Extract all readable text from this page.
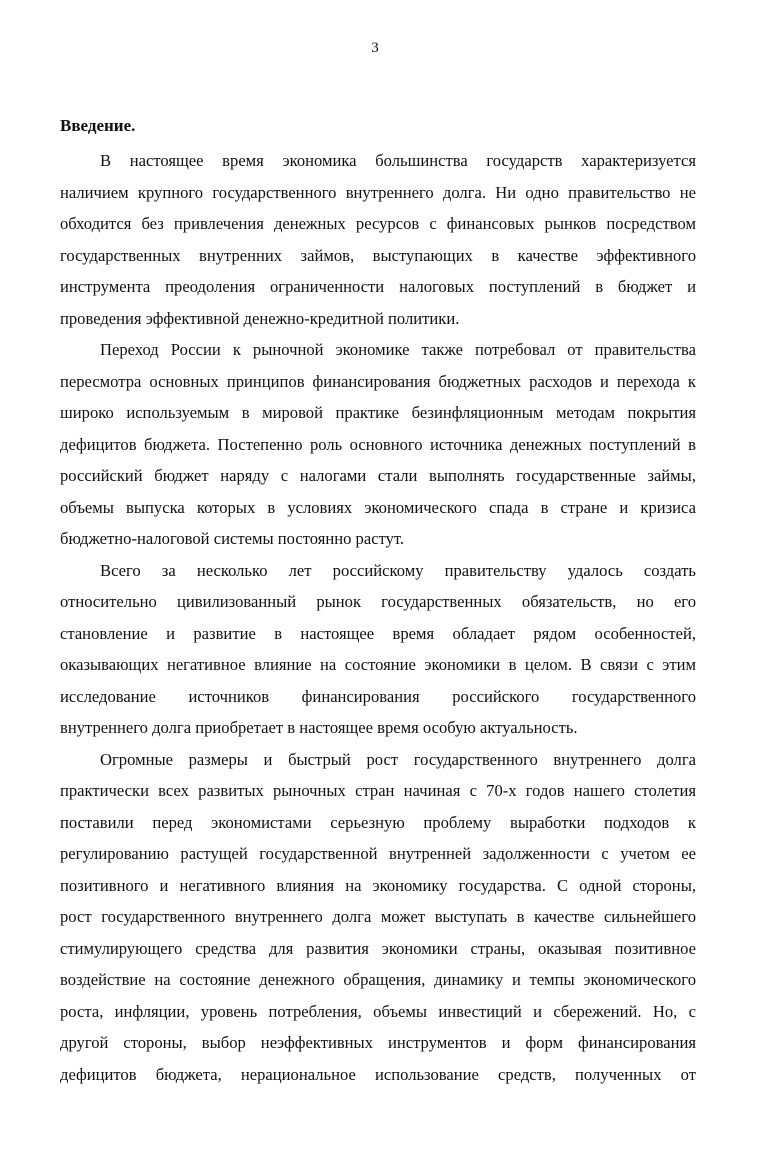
3
Введение.
В настоящее время экономика большинства государств характеризуется
наличием крупного государственного внутреннего долга. Ни одно правительство не
обходится без привлечения денежных ресурсов с финансовых рынков посредством
государственных внутренних займов, выступающих в качестве эффективного
инструмента преодоления ограниченности налоговых поступлений в бюджет и
проведения эффективной денежно-кредитной политики.
Переход России к рыночной экономике также потребовал от правительства
пересмотра основных принципов финансирования бюджетных расходов и перехода к
широко используемым в мировой практике безинфляционным методам покрытия
дефицитов бюджета. Постепенно роль основного источника денежных поступлений в
российский бюджет наряду с налогами стали выполнять государственные займы,
объемы выпуска которых в условиях экономического спада в стране и кризиса
бюджетно-налоговой системы постоянно растут.
Всего за несколько лет российскому правительству удалось создать
относительно цивилизованный рынок государственных обязательств, но его
становление и развитие в настоящее время обладает рядом особенностей,
оказывающих негативное влияние на состояние экономики в целом. В связи с этим
исследование источников финансирования российского государственного
внутреннего долга приобретает в настоящее время особую актуальность.
Огромные размеры и быстрый рост государственного внутреннего долга
практически всех развитых рыночных стран начиная с 70-х годов нашего столетия
поставили перед экономистами серьезную проблему выработки подходов к
регулированию растущей государственной внутренней задолженности с учетом ее
позитивного и негативного влияния на экономику государства. С одной стороны,
рост государственного внутреннего долга может выступать в качестве сильнейшего
стимулирующего средства для развития экономики страны, оказывая позитивное
воздействие на состояние денежного обращения, динамику и темпы экономического
роста, инфляции, уровень потребления, объемы инвестиций и сбережений. Но, с
другой стороны, выбор неэффективных инструментов и форм финансирования
дефицитов бюджета, нерациональное использование средств, полученных от
